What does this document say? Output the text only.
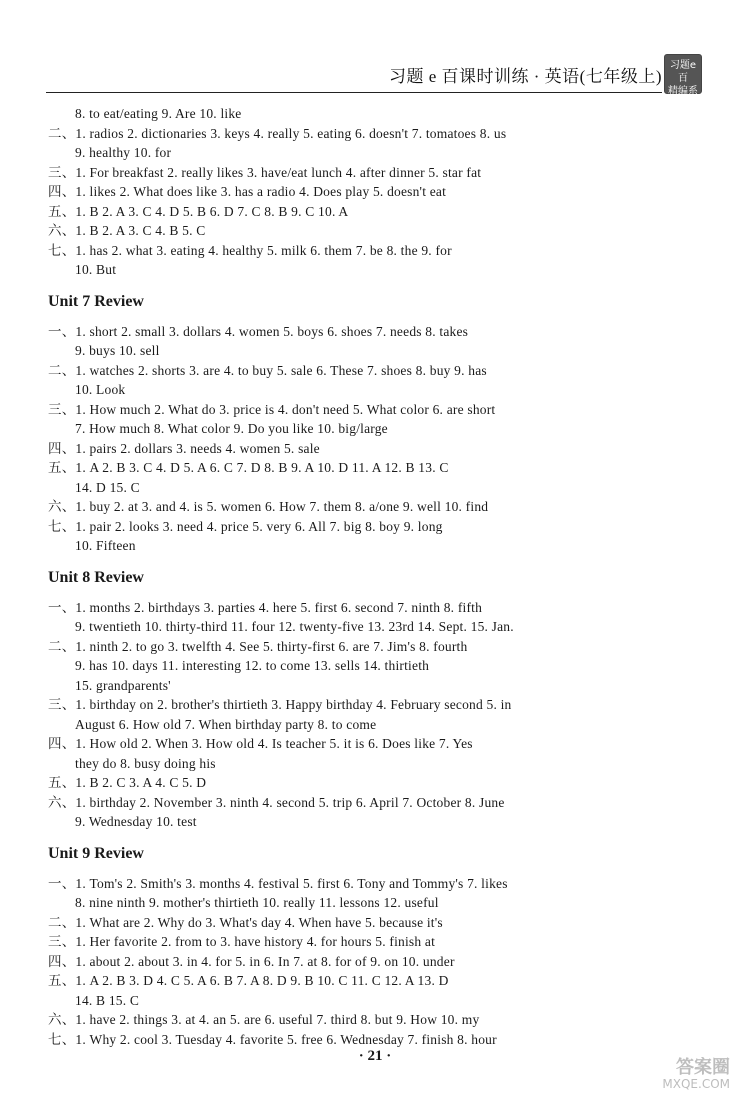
习题 e 百课时训练 · 英语(七年级上)
习题e百
精编系列
8. to eat/eating 9. Are 10. like
二、1. radios 2. dictionaries 3. keys 4. really 5. eating 6. doesn't 7. tomatoes 8. us
9. healthy 10. for
三、1. For breakfast 2. really likes 3. have/eat lunch 4. after dinner 5. star fat
四、1. likes 2. What does like 3. has a radio 4. Does play 5. doesn't eat
五、1. B 2. A 3. C 4. D 5. B 6. D 7. C 8. B 9. C 10. A
六、1. B 2. A 3. C 4. B 5. C
七、1. has 2. what 3. eating 4. healthy 5. milk 6. them 7. be 8. the 9. for
10. But
Unit 7 Review
一、1. short 2. small 3. dollars 4. women 5. boys 6. shoes 7. needs 8. takes
9. buys 10. sell
二、1. watches 2. shorts 3. are 4. to buy 5. sale 6. These 7. shoes 8. buy 9. has
10. Look
三、1. How much 2. What do 3. price is 4. don't need 5. What color 6. are short
7. How much 8. What color 9. Do you like 10. big/large
四、1. pairs 2. dollars 3. needs 4. women 5. sale
五、1. A 2. B 3. C 4. D 5. A 6. C 7. D 8. B 9. A 10. D 11. A 12. B 13. C
14. D 15. C
六、1. buy 2. at 3. and 4. is 5. women 6. How 7. them 8. a/one 9. well 10. find
七、1. pair 2. looks 3. need 4. price 5. very 6. All 7. big 8. boy 9. long
10. Fifteen
Unit 8 Review
一、1. months 2. birthdays 3. parties 4. here 5. first 6. second 7. ninth 8. fifth
9. twentieth 10. thirty-third 11. four 12. twenty-five 13. 23rd 14. Sept. 15. Jan.
二、1. ninth 2. to go 3. twelfth 4. See 5. thirty-first 6. are 7. Jim's 8. fourth
9. has 10. days 11. interesting 12. to come 13. sells 14. thirtieth
15. grandparents'
三、1. birthday on 2. brother's thirtieth 3. Happy birthday 4. February second 5. in
August 6. How old 7. When birthday party 8. to come
四、1. How old 2. When 3. How old 4. Is teacher 5. it is 6. Does like 7. Yes
they do 8. busy doing his
五、1. B 2. C 3. A 4. C 5. D
六、1. birthday 2. November 3. ninth 4. second 5. trip 6. April 7. October 8. June
9. Wednesday 10. test
Unit 9 Review
一、1. Tom's 2. Smith's 3. months 4. festival 5. first 6. Tony and Tommy's 7. likes
8. nine ninth 9. mother's thirtieth 10. really 11. lessons 12. useful
二、1. What are 2. Why do 3. What's day 4. When have 5. because it's
三、1. Her favorite 2. from to 3. have history 4. for hours 5. finish at
四、1. about 2. about 3. in 4. for 5. in 6. In 7. at 8. for of 9. on 10. under
五、1. A 2. B 3. D 4. C 5. A 6. B 7. A 8. D 9. B 10. C 11. C 12. A 13. D
14. B 15. C
六、1. have 2. things 3. at 4. an 5. are 6. useful 7. third 8. but 9. How 10. my
七、1. Why 2. cool 3. Tuesday 4. favorite 5. free 6. Wednesday 7. finish 8. hour
· 21 ·
答案圈
MXQE.COM
